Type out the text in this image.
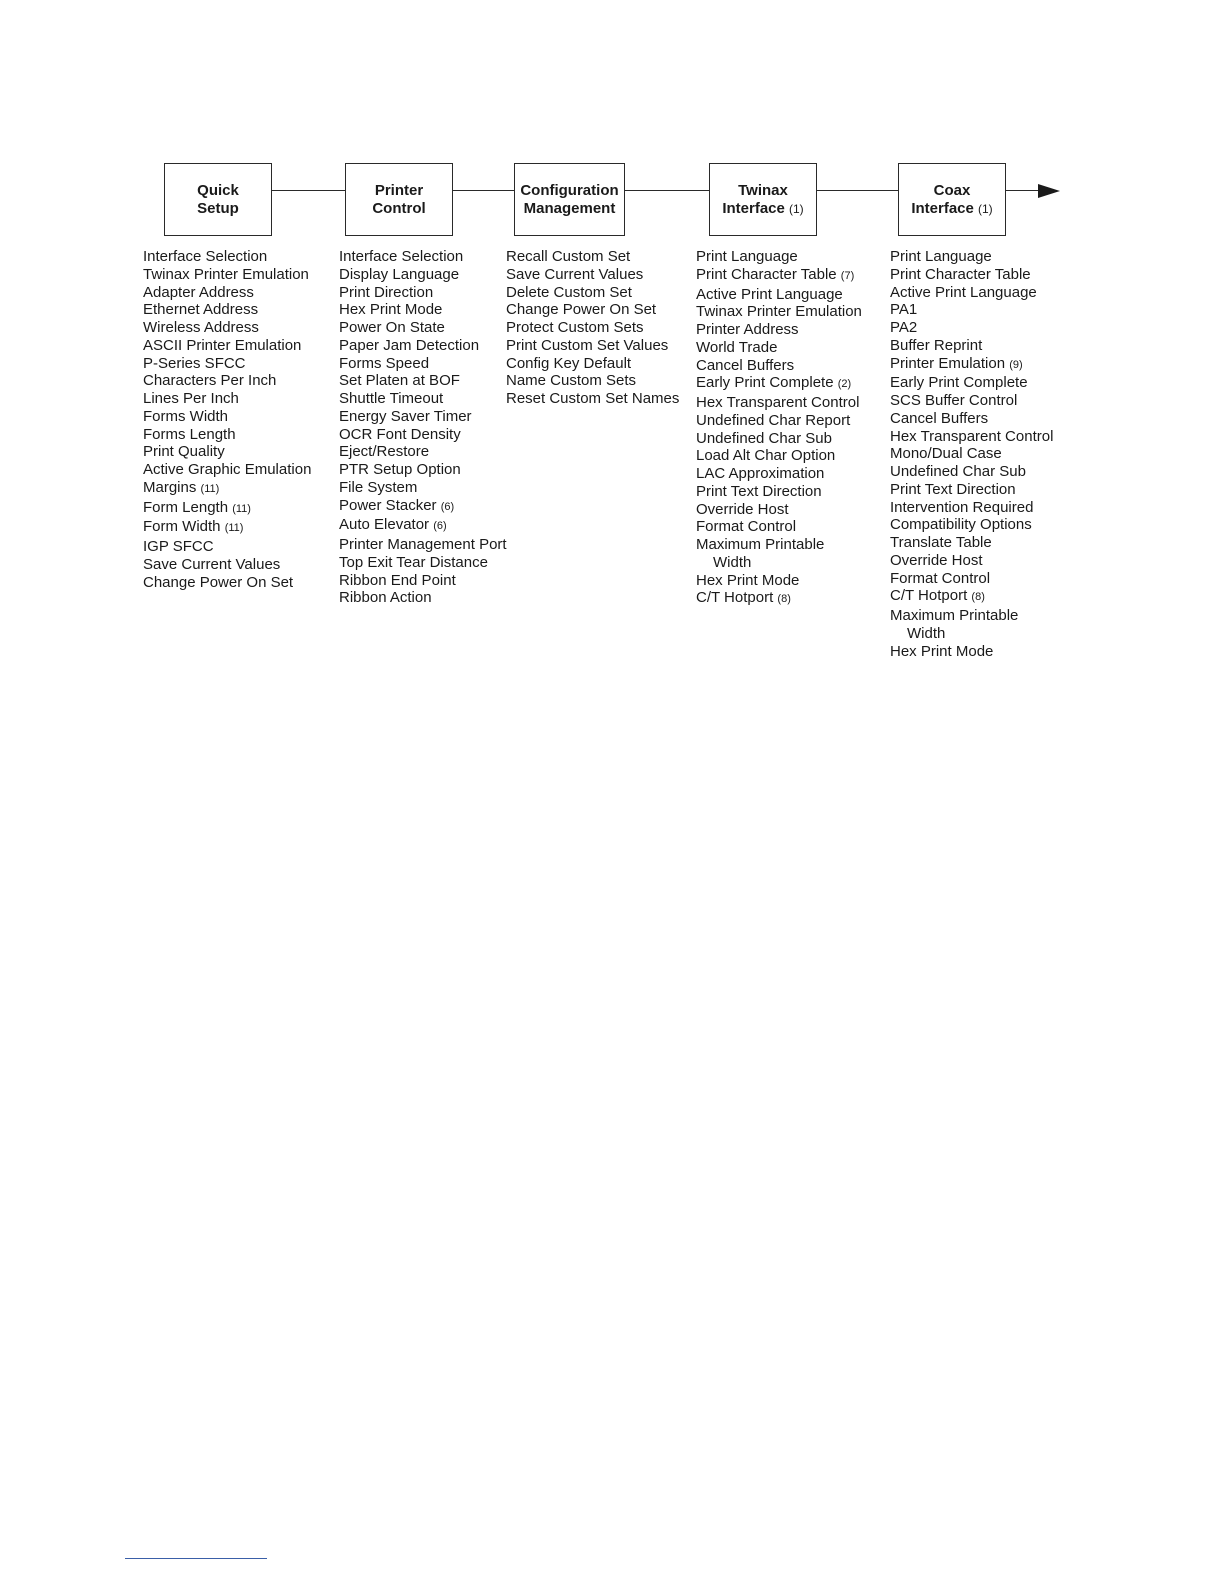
Quick
Setup
Printer
Control
Configuration
Management
Twinax
Interface (1)
Coax
Interface (1)
Interface Selection
Twinax Printer Emulation
Adapter Address
Ethernet Address
Wireless Address
ASCII Printer Emulation
P-Series SFCC
Characters Per Inch
Lines Per Inch
Forms Width
Forms Length
Print Quality
Active Graphic Emulation
Margins (11)
Form Length (11)
Form Width (11)
IGP SFCC
Save Current Values
Change Power On Set
Interface Selection
Display Language
Print Direction
Hex Print Mode
Power On State
Paper Jam Detection
Forms Speed
Set Platen at BOF
Shuttle Timeout
Energy Saver Timer
OCR Font Density
Eject/Restore
PTR Setup Option
File System
Power Stacker (6)
Auto Elevator (6)
Printer Management Port
Top Exit Tear Distance
Ribbon End Point
Ribbon Action
Recall Custom Set
Save Current Values
Delete Custom Set
Change Power On Set
Protect Custom Sets
Print Custom Set Values
Config Key Default
Name Custom Sets
Reset Custom Set Names
Print Language
Print Character Table (7)
Active Print Language
Twinax Printer Emulation
Printer Address
World Trade
Cancel Buffers
Early Print Complete (2)
Hex Transparent Control
Undefined Char Report
Undefined Char Sub
Load Alt Char Option
LAC Approximation
Print Text Direction
Override Host
Format Control
Maximum Printable
Width
Hex Print Mode
C/T Hotport (8)
Print Language
Print Character Table
Active Print Language
PA1
PA2
Buffer Reprint
Printer Emulation (9)
Early Print Complete
SCS Buffer Control
Cancel Buffers
Hex Transparent Control
Mono/Dual Case
Undefined Char Sub
Print Text Direction
Intervention Required
Compatibility Options
Translate Table
Override Host
Format Control
C/T Hotport (8)
Maximum Printable
Width
Hex Print Mode
